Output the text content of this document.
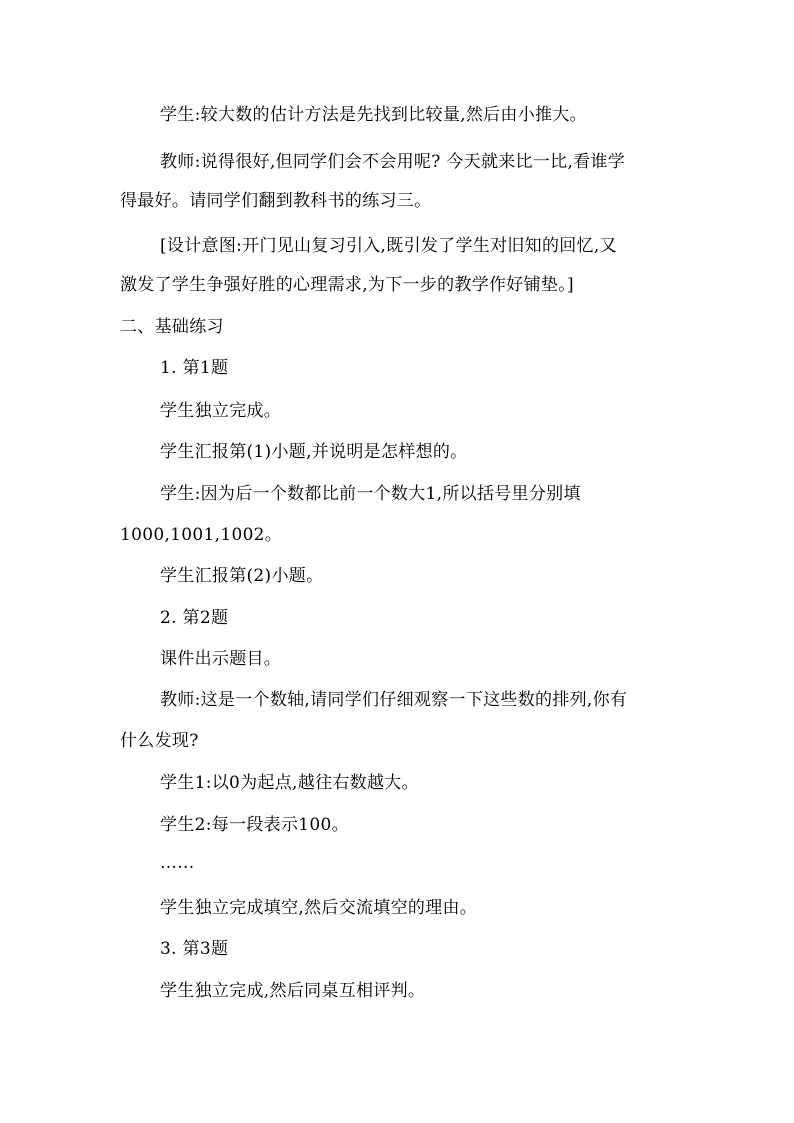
学生:较大数的估计方法是先找到比较量,然后由小推大。
教师:说得很好,但同学们会不会用呢? 今天就来比一比,看谁学
得最好。请同学们翻到教科书的练习三。
[设计意图:开门见山复习引入,既引发了学生对旧知的回忆,又
激发了学生争强好胜的心理需求,为下一步的教学作好铺垫。]
二、基础练习
1. 第1题
学生独立完成。
学生汇报第(1)小题,并说明是怎样想的。
学生:因为后一个数都比前一个数大1,所以括号里分别填
1000,1001,1002。
学生汇报第(2)小题。
2. 第2题
课件出示题目。
教师:这是一个数轴,请同学们仔细观察一下这些数的排列,你有
什么发现?
学生1:以0为起点,越往右数越大。
学生2:每一段表示100。
……
学生独立完成填空,然后交流填空的理由。
3. 第3题
学生独立完成,然后同桌互相评判。
